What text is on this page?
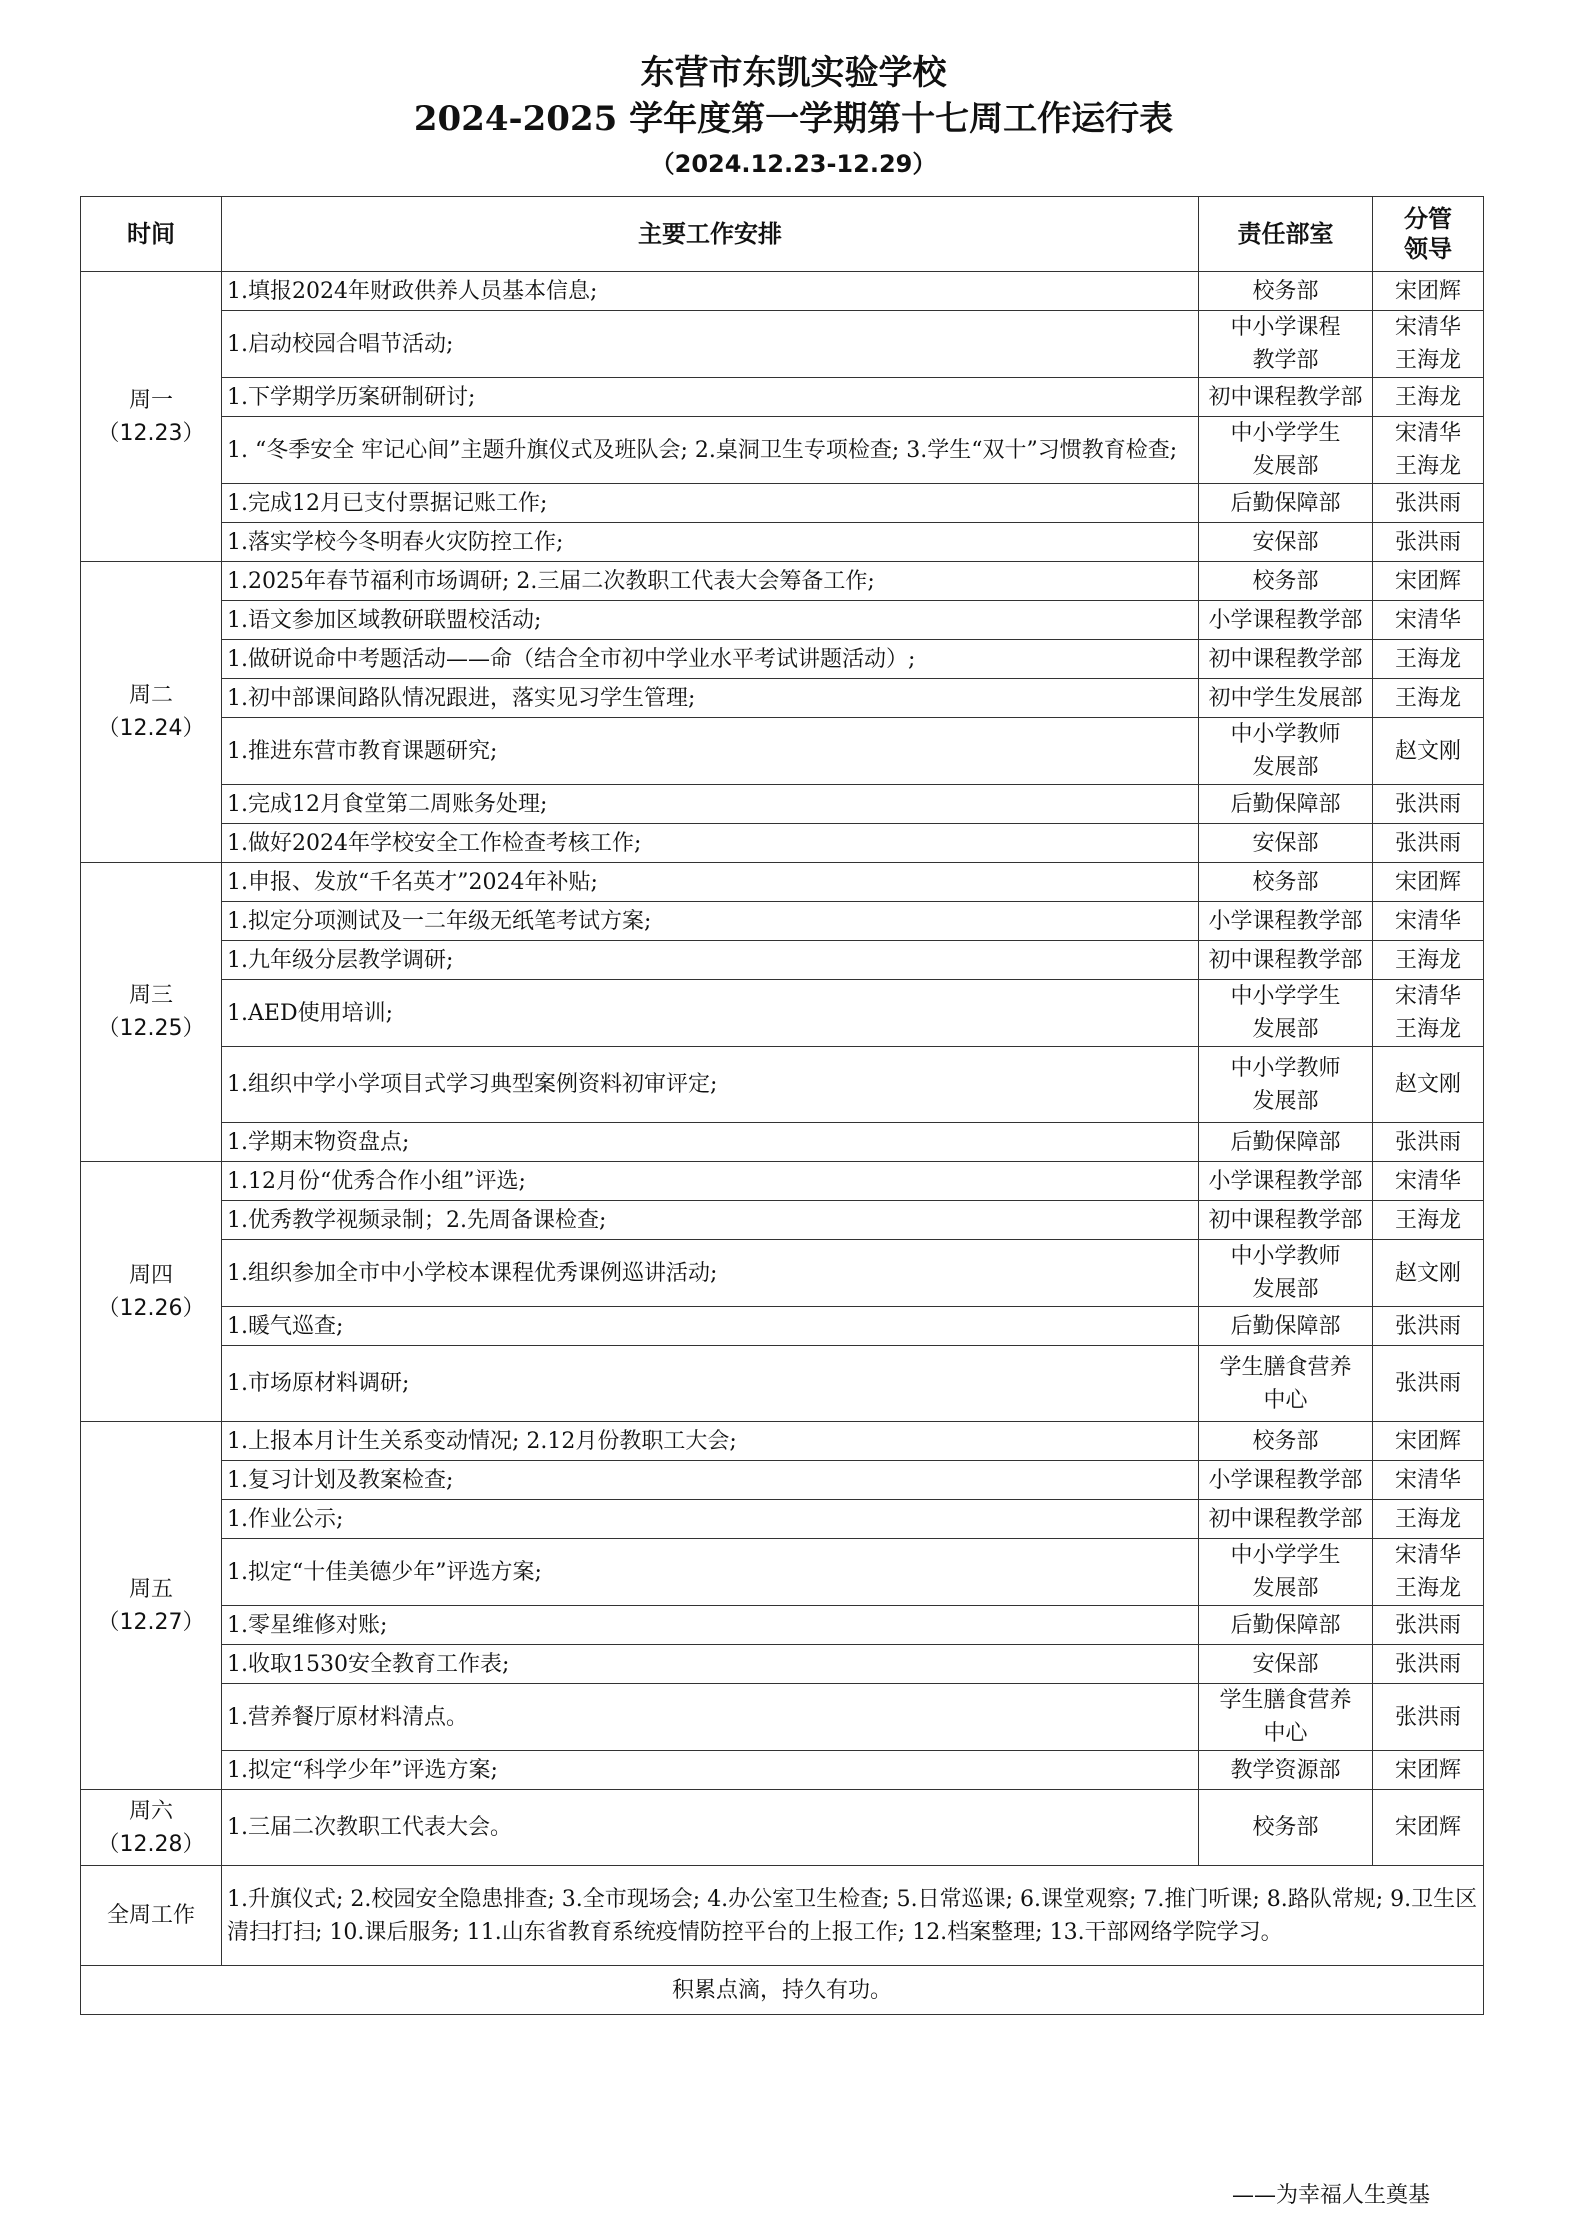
东营市东凯实验学校
2024-2025 学年度第一学期第十七周工作运行表
（2024.12.23-12.29）
时间	主要工作安排	责任部室	分管
领导

周一
（12.23）	1.填报2024年财政供养人员基本信息;	校务部	宋团辉

	1.启动校园合唱节活动;	中小学课程
教学部	宋清华
王海龙

	1.下学期学历案研制研讨;	初中课程教学部	王海龙

	1. “冬季安全 牢记心间”主题升旗仪式及班队会; 2.桌洞卫生专项检查; 3.学生“双十”习惯教育检查;	中小学学生
发展部	宋清华
王海龙

	1.完成12月已支付票据记账工作;	后勤保障部	张洪雨

	1.落实学校今冬明春火灾防控工作;	安保部	张洪雨

周二
（12.24）	1.2025年春节福利市场调研; 2.三届二次教职工代表大会筹备工作;	校务部	宋团辉

	1.语文参加区域教研联盟校活动;	小学课程教学部	宋清华

	1.做研说命中考题活动——命（结合全市初中学业水平考试讲题活动）;	初中课程教学部	王海龙

	1.初中部课间路队情况跟进，落实见习学生管理;	初中学生发展部	王海龙

	1.推进东营市教育课题研究;	中小学教师
发展部	赵文刚

	1.完成12月食堂第二周账务处理;	后勤保障部	张洪雨

	1.做好2024年学校安全工作检查考核工作;	安保部	张洪雨

周三
（12.25）	1.申报、发放“千名英才”2024年补贴;	校务部	宋团辉

	1.拟定分项测试及一二年级无纸笔考试方案;	小学课程教学部	宋清华

	1.九年级分层教学调研;	初中课程教学部	王海龙

	1.AED使用培训;	中小学学生
发展部	宋清华
王海龙

	1.组织中学小学项目式学习典型案例资料初审评定;	中小学教师
发展部	赵文刚

	1.学期末物资盘点;	后勤保障部	张洪雨

周四
（12.26）	1.12月份“优秀合作小组”评选;	小学课程教学部	宋清华

	1.优秀教学视频录制；2.先周备课检查;	初中课程教学部	王海龙

	1.组织参加全市中小学校本课程优秀课例巡讲活动;	中小学教师
发展部	赵文刚

	1.暖气巡查;	后勤保障部	张洪雨

	1.市场原材料调研;	学生膳食营养
中心	张洪雨

周五
（12.27）	1.上报本月计生关系变动情况; 2.12月份教职工大会;	校务部	宋团辉

	1.复习计划及教案检查;	小学课程教学部	宋清华

	1.作业公示;	初中课程教学部	王海龙

	1.拟定“十佳美德少年”评选方案;	中小学学生
发展部	宋清华
王海龙

	1.零星维修对账;	后勤保障部	张洪雨

	1.收取1530安全教育工作表;	安保部	张洪雨

	1.营养餐厅原材料清点。	学生膳食营养
中心	张洪雨

	1.拟定“科学少年”评选方案;	教学资源部	宋团辉

周六
（12.28）	1.三届二次教职工代表大会。	校务部	宋团辉

全周工作	1.升旗仪式; 2.校园安全隐患排查; 3.全市现场会; 4.办公室卫生检查; 5.日常巡课; 6.课堂观察; 7.推门听课; 8.路队常规; 9.卫生区清扫打扫; 10.课后服务; 11.山东省教育系统疫情防控平台的上报工作; 12.档案整理; 13.干部网络学院学习。		
积累点滴，持久有功。			
——为幸福人生奠基
